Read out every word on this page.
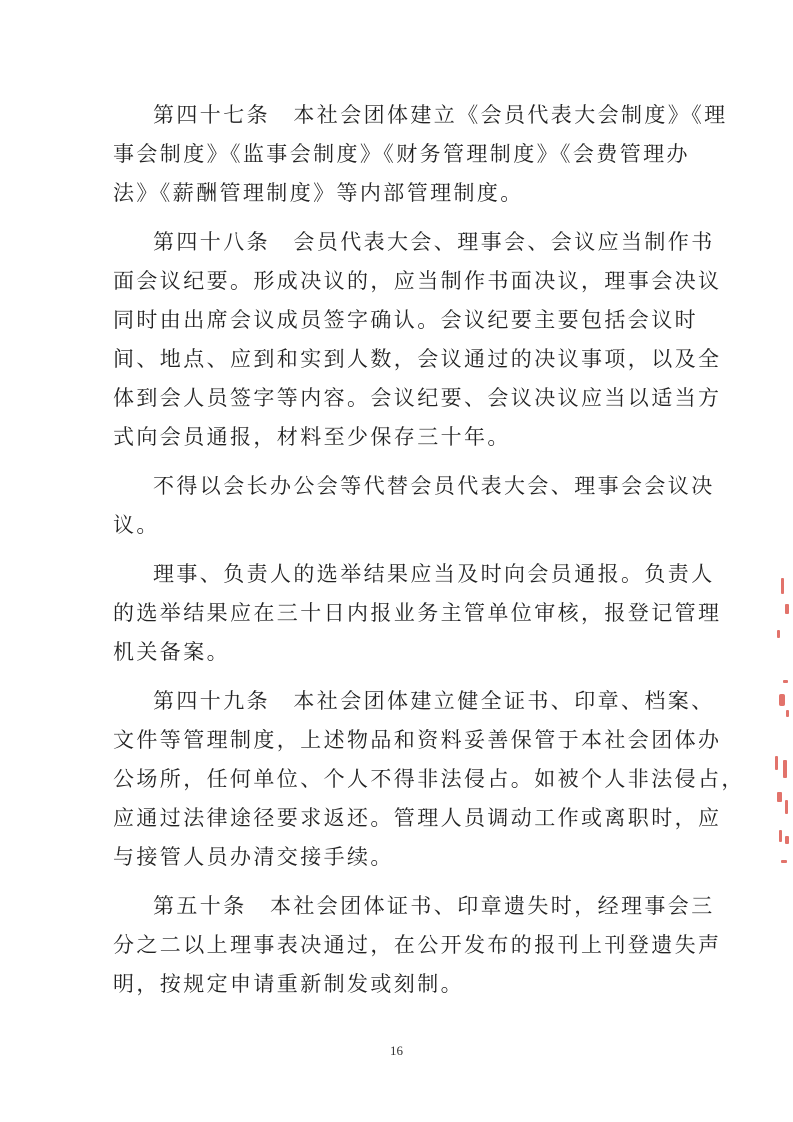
第四十七条　本社会团体建立《会员代表大会制度》《理
事会制度》《监事会制度》《财务管理制度》《会费管理办
法》《薪酬管理制度》等内部管理制度。
第四十八条　会员代表大会、理事会、会议应当制作书
面会议纪要。形成决议的，应当制作书面决议，理事会决议
同时由出席会议成员签字确认。会议纪要主要包括会议时
间、地点、应到和实到人数，会议通过的决议事项，以及全
体到会人员签字等内容。会议纪要、会议决议应当以适当方
式向会员通报，材料至少保存三十年。
不得以会长办公会等代替会员代表大会、理事会会议决
议。
理事、负责人的选举结果应当及时向会员通报。负责人
的选举结果应在三十日内报业务主管单位审核，报登记管理
机关备案。
第四十九条　本社会团体建立健全证书、印章、档案、
文件等管理制度，上述物品和资料妥善保管于本社会团体办
公场所，任何单位、个人不得非法侵占。如被个人非法侵占，
应通过法律途径要求返还。管理人员调动工作或离职时，应
与接管人员办清交接手续。
第五十条　本社会团体证书、印章遗失时，经理事会三
分之二以上理事表决通过，在公开发布的报刊上刊登遗失声
明，按规定申请重新制发或刻制。
16
